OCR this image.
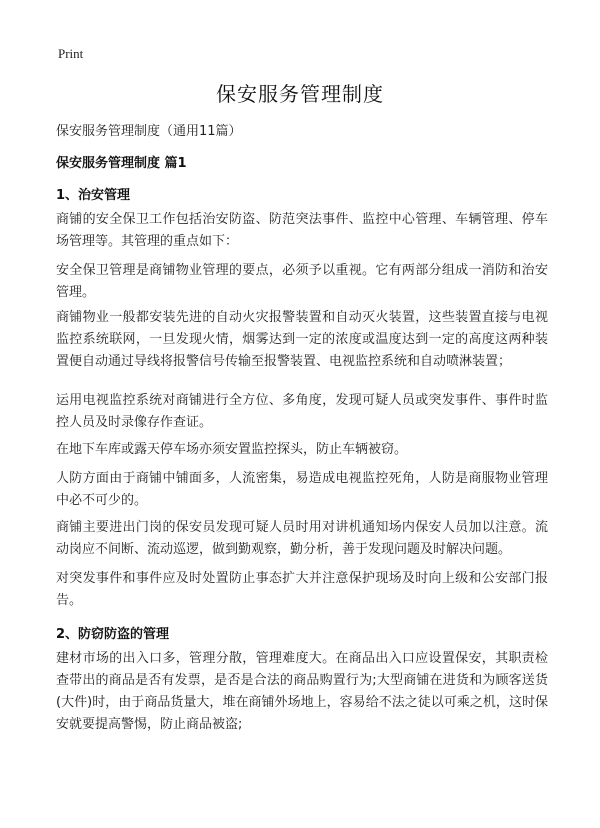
Print
保安服务管理制度
保安服务管理制度（通用11篇）
保安服务管理制度 篇1
1、治安管理
商铺的安全保卫工作包括治安防盗、防范突法事件、监控中心管理、车辆管理、停车场管理等。其管理的重点如下：
安全保卫管理是商铺物业管理的要点，必须予以重视。它有两部分组成一消防和治安管理。
商铺物业一般都安装先进的自动火灾报警装置和自动灭火装置，这些装置直接与电视监控系统联网，一旦发现火情，烟雾达到一定的浓度或温度达到一定的高度这两种装置便自动通过导线将报警信号传输至报警装置、电视监控系统和自动喷淋装置；
运用电视监控系统对商铺进行全方位、多角度，发现可疑人员或突发事件、事件时监控人员及时录像存作查证。
在地下车库或露天停车场亦须安置监控探头，防止车辆被窃。
人防方面由于商铺中铺面多，人流密集，易造成电视监控死角，人防是商服物业管理中必不可少的。
商铺主要进出门岗的保安员发现可疑人员时用对讲机通知场内保安人员加以注意。流动岗应不间断、流动巡逻，做到勤观察，勤分析，善于发现问题及时解决问题。
对突发事件和事件应及时处置防止事态扩大并注意保护现场及时向上级和公安部门报告。
2、防窃防盗的管理
建材市场的出入口多，管理分散，管理难度大。在商品出入口应设置保安，其职责检查带出的商品是否有发票，是否是合法的商品购置行为;大型商铺在进货和为顾客送货(大件)时，由于商品货量大，堆在商铺外场地上，容易给不法之徒以可乘之机，这时保安就要提高警惕，防止商品被盗;
